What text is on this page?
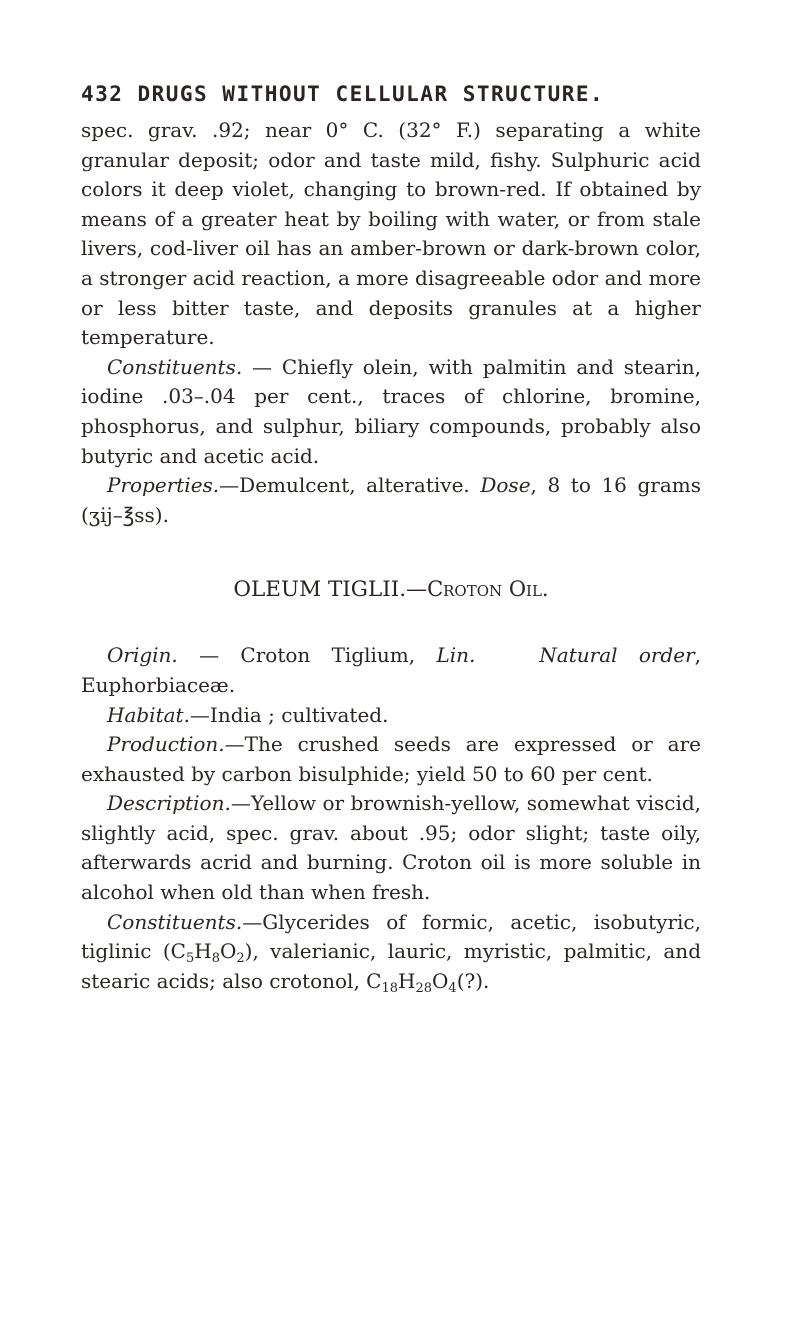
432 DRUGS WITHOUT CELLULAR STRUCTURE.

spec. grav. .92; near 0° C. (32° F.) separating a white granular deposit; odor and taste mild, fishy. Sulphuric acid colors it deep violet, changing to brown-red. If obtained by means of a greater heat by boiling with water, or from stale livers, cod-liver oil has an amber-brown or dark-brown color, a stronger acid reaction, a more disagreeable odor and more or less bitter taste, and deposits granules at a higher temperature.

Constituents. — Chiefly olein, with palmitin and stearin, iodine .03–.04 per cent., traces of chlorine, bromine, phosphorus, and sulphur, biliary compounds, probably also butyric and acetic acid.

Properties.—Demulcent, alterative. Dose, 8 to 16 grams (ʒij–℥ss).

OLEUM TIGLII.—Croton Oil.

Origin. — Croton Tiglium, Lin.	Natural order, Euphorbiaceæ.

Habitat.—India ; cultivated.

Production.—The crushed seeds are expressed or are exhausted by carbon bisulphide; yield 50 to 60 per cent.

Description.—Yellow or brownish-yellow, somewhat viscid, slightly acid, spec. grav. about .95; odor slight; taste oily, afterwards acrid and burning. Croton oil is more soluble in alcohol when old than when fresh.

Constituents.—Glycerides of formic, acetic, isobutyric, tiglinic $(C_5H_8O_2)$, valerianic, lauric, myristic, palmitic, and stearic acids; also crotonol, $C_{18}H_{28}O_4(?)$.
